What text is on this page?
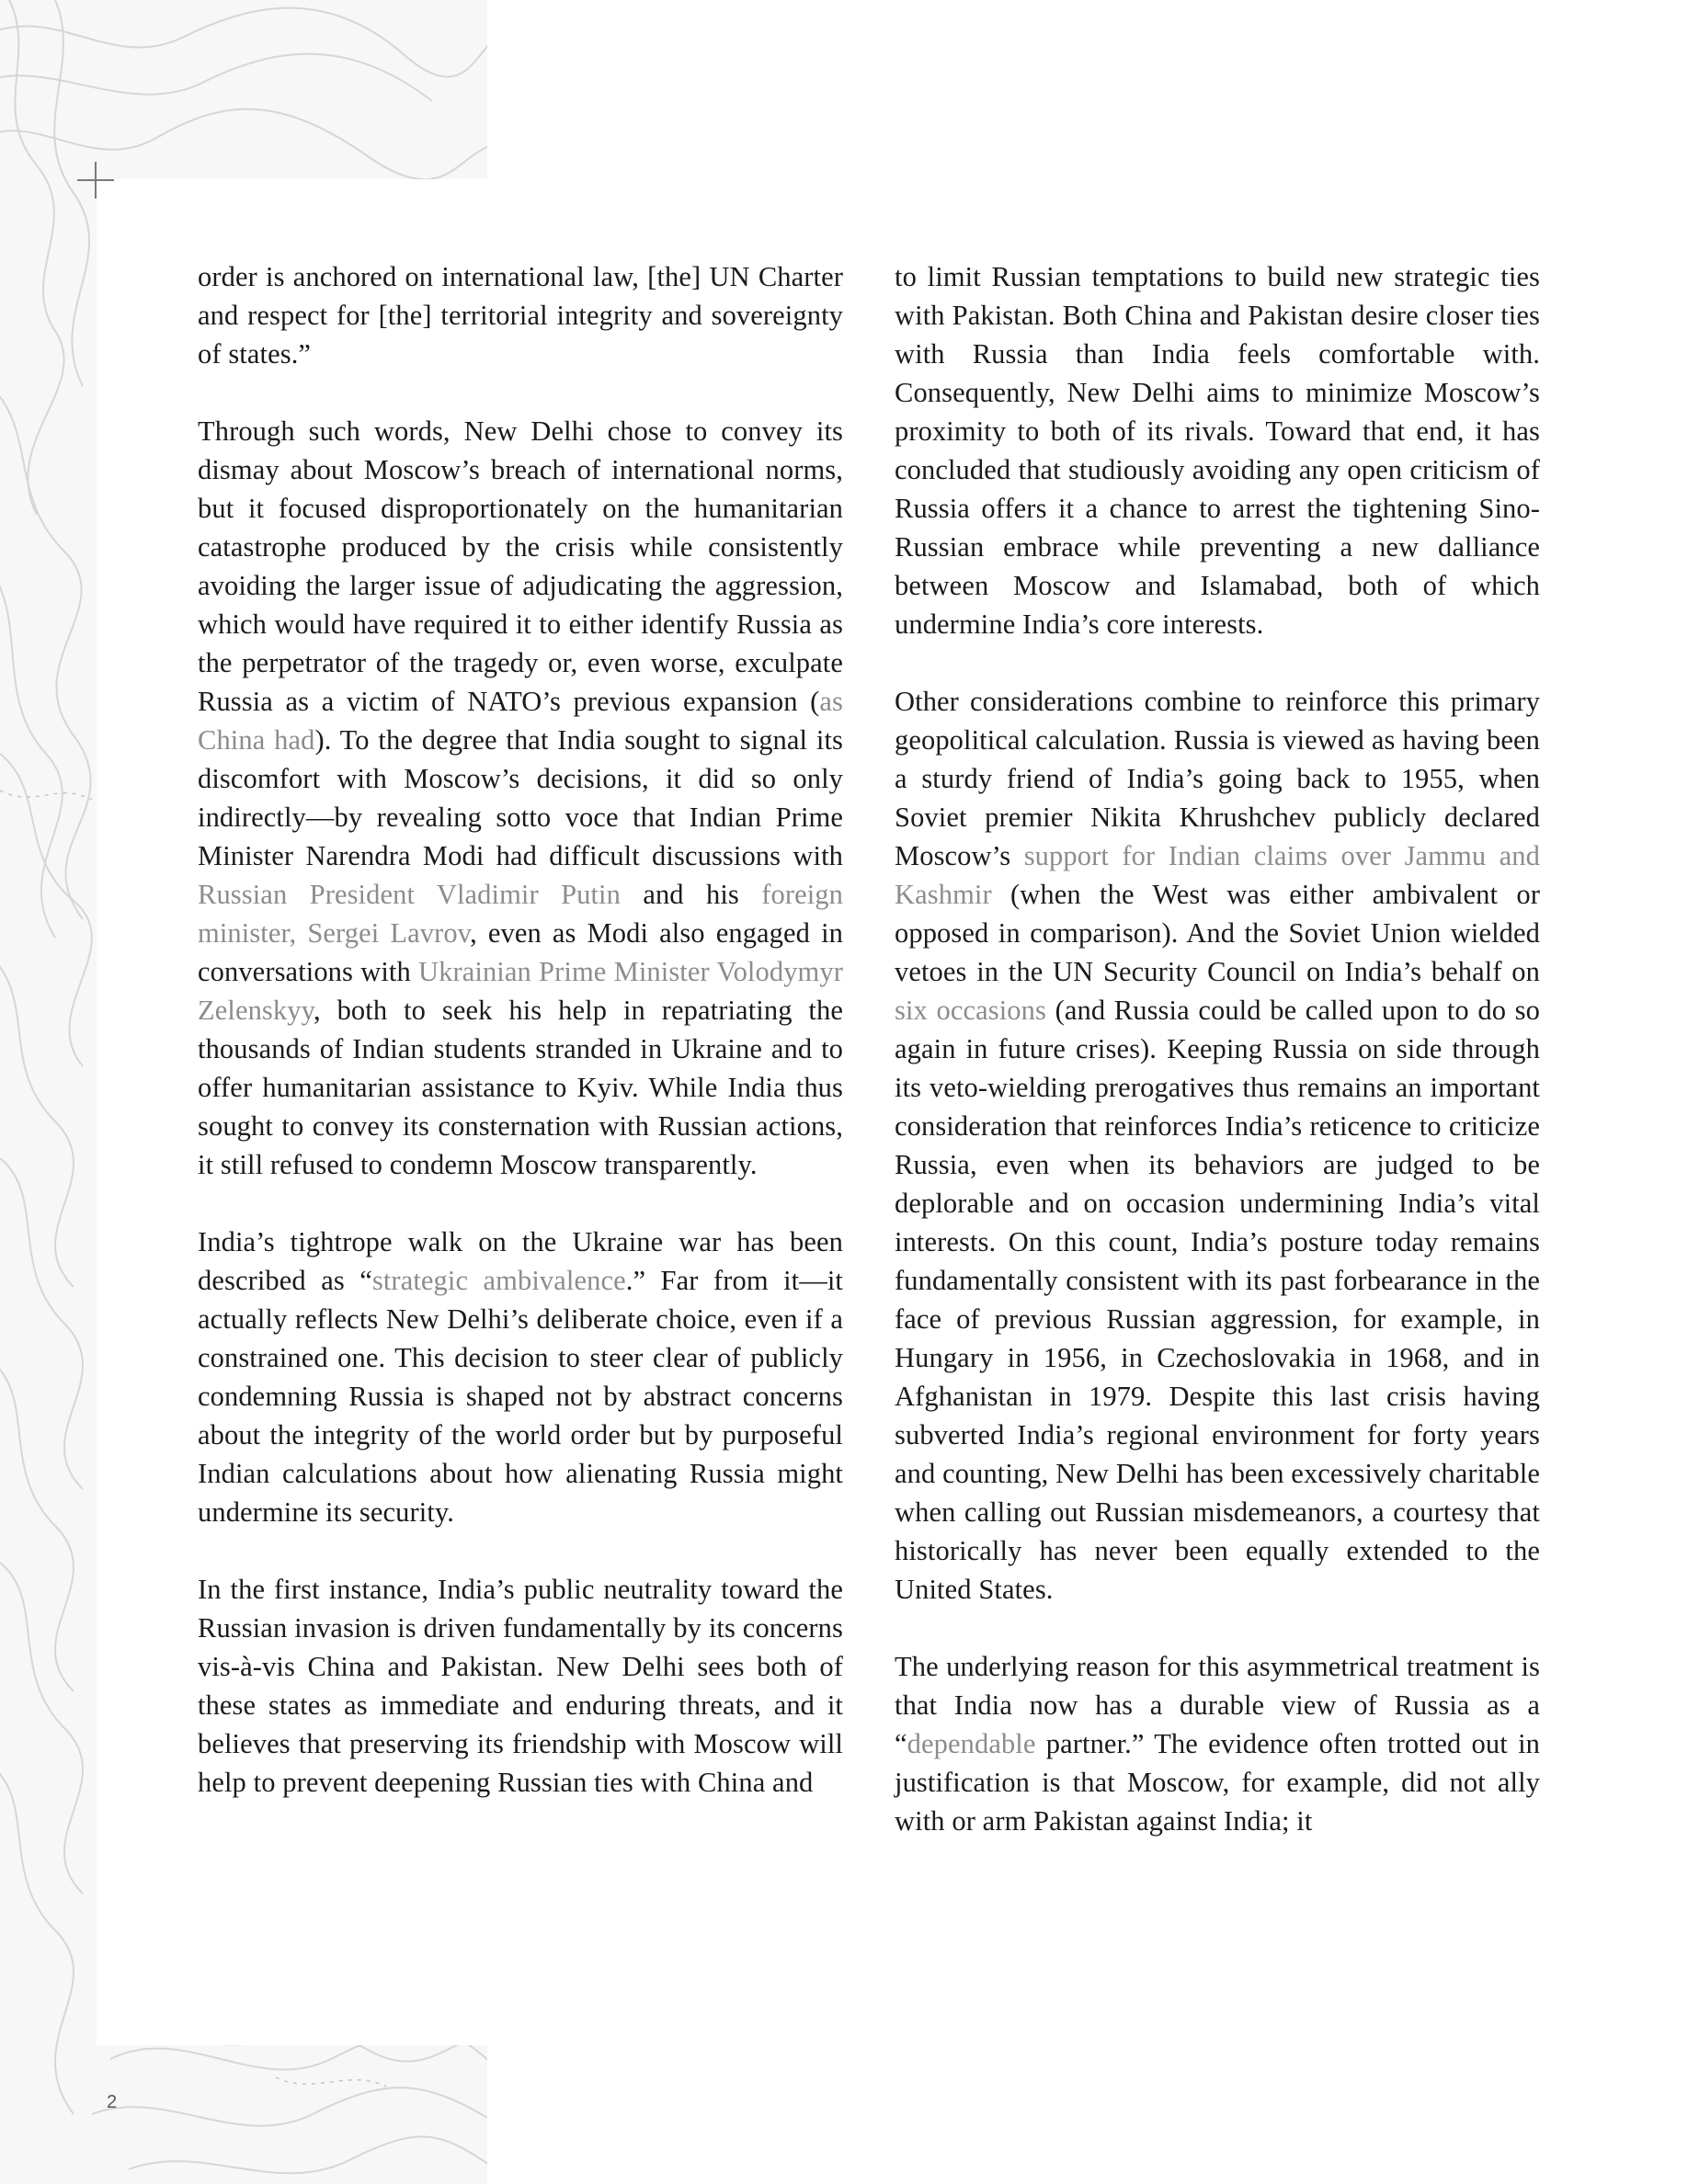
order is anchored on international law, [the] UN Charter and respect for [the] territorial integrity and sovereignty of states.”

Through such words, New Delhi chose to convey its dismay about Moscow’s breach of international norms, but it focused disproportionately on the humanitarian catastrophe produced by the crisis while consistently avoiding the larger issue of adjudicating the aggression, which would have required it to either identify Russia as the perpetrator of the tragedy or, even worse, exculpate Russia as a victim of NATO’s previous expansion (as China had). To the degree that India sought to signal its discomfort with Moscow’s decisions, it did so only indirectly—by revealing sotto voce that Indian Prime Minister Narendra Modi had difficult discussions with Russian President Vladimir Putin and his foreign minister, Sergei Lavrov, even as Modi also engaged in conversations with Ukrainian Prime Minister Volodymyr Zelenskyy, both to seek his help in repatriating the thousands of Indian students stranded in Ukraine and to offer humanitarian assistance to Kyiv. While India thus sought to convey its consternation with Russian actions, it still refused to condemn Moscow transparently.

India’s tightrope walk on the Ukraine war has been described as “strategic ambivalence.” Far from it—it actually reflects New Delhi’s deliberate choice, even if a constrained one. This decision to steer clear of publicly condemning Russia is shaped not by abstract concerns about the integrity of the world order but by purposeful Indian calculations about how alienating Russia might undermine its security.

In the first instance, India’s public neutrality toward the Russian invasion is driven fundamentally by its concerns vis-à-vis China and Pakistan. New Delhi sees both of these states as immediate and enduring threats, and it believes that preserving its friendship with Moscow will help to prevent deepening Russian ties with China and

to limit Russian temptations to build new strategic ties with Pakistan. Both China and Pakistan desire closer ties with Russia than India feels comfortable with. Consequently, New Delhi aims to minimize Moscow’s proximity to both of its rivals. Toward that end, it has concluded that studiously avoiding any open criticism of Russia offers it a chance to arrest the tightening Sino-Russian embrace while preventing a new dalliance between Moscow and Islamabad, both of which undermine India’s core interests.

Other considerations combine to reinforce this primary geopolitical calculation. Russia is viewed as having been a sturdy friend of India’s going back to 1955, when Soviet premier Nikita Khrushchev publicly declared Moscow’s support for Indian claims over Jammu and Kashmir (when the West was either ambivalent or opposed in comparison). And the Soviet Union wielded vetoes in the UN Security Council on India’s behalf on six occasions (and Russia could be called upon to do so again in future crises). Keeping Russia on side through its veto-wielding prerogatives thus remains an important consideration that reinforces India’s reticence to criticize Russia, even when its behaviors are judged to be deplorable and on occasion undermining India’s vital interests. On this count, India’s posture today remains fundamentally consistent with its past forbearance in the face of previous Russian aggression, for example, in Hungary in 1956, in Czechoslovakia in 1968, and in Afghanistan in 1979. Despite this last crisis having subverted India’s regional environment for forty years and counting, New Delhi has been excessively charitable when calling out Russian misdemeanors, a courtesy that historically has never been equally extended to the United States.

The underlying reason for this asymmetrical treatment is that India now has a durable view of Russia as a “dependable partner.” The evidence often trotted out in justification is that Moscow, for example, did not ally with or arm Pakistan against India; it

2
